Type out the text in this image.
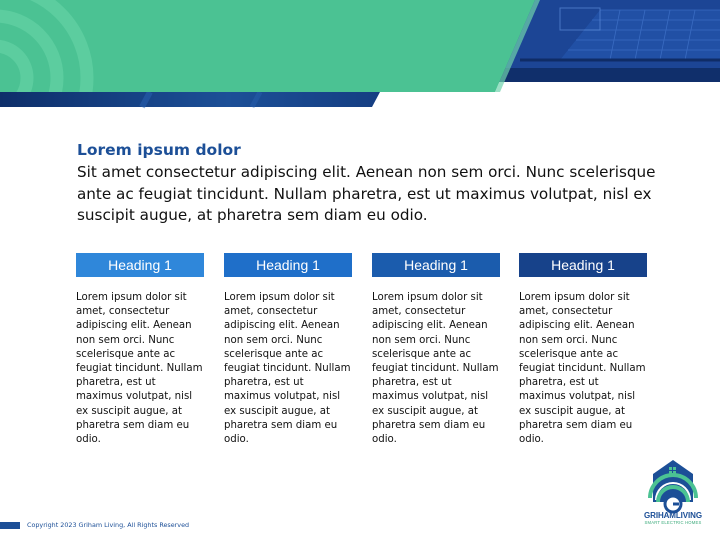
Lorem ipsum dolor

Sit amet consectetur adipiscing elit. Aenean non sem orci. Nunc scelerisque ante ac feugiat tincidunt. Nullam pharetra, est ut maximus volutpat, nisl ex suscipit augue, at pharetra sem diam eu odio.

Heading 1

Lorem ipsum dolor sit amet, consectetur adipiscing elit. Aenean non sem orci. Nunc scelerisque ante ac feugiat tincidunt. Nullam pharetra, est ut maximus volutpat, nisl ex suscipit augue, at pharetra sem diam eu odio.

Heading 1

Lorem ipsum dolor sit amet, consectetur adipiscing elit. Aenean non sem orci. Nunc scelerisque ante ac feugiat tincidunt. Nullam pharetra, est ut maximus volutpat, nisl ex suscipit augue, at pharetra sem diam eu odio.

Heading 1

Lorem ipsum dolor sit amet, consectetur adipiscing elit. Aenean non sem orci. Nunc scelerisque ante ac feugiat tincidunt. Nullam pharetra, est ut maximus volutpat, nisl ex suscipit augue, at pharetra sem diam eu odio.

Heading 1

Lorem ipsum dolor sit amet, consectetur adipiscing elit. Aenean non sem orci. Nunc scelerisque ante ac feugiat tincidunt. Nullam pharetra, est ut maximus volutpat, nisl ex suscipit augue, at pharetra sem diam eu odio.

Copyright 2023 Griham Living, All Rights Reserved
GRIHAMLIVING
SMART ELECTRIC HOMES
